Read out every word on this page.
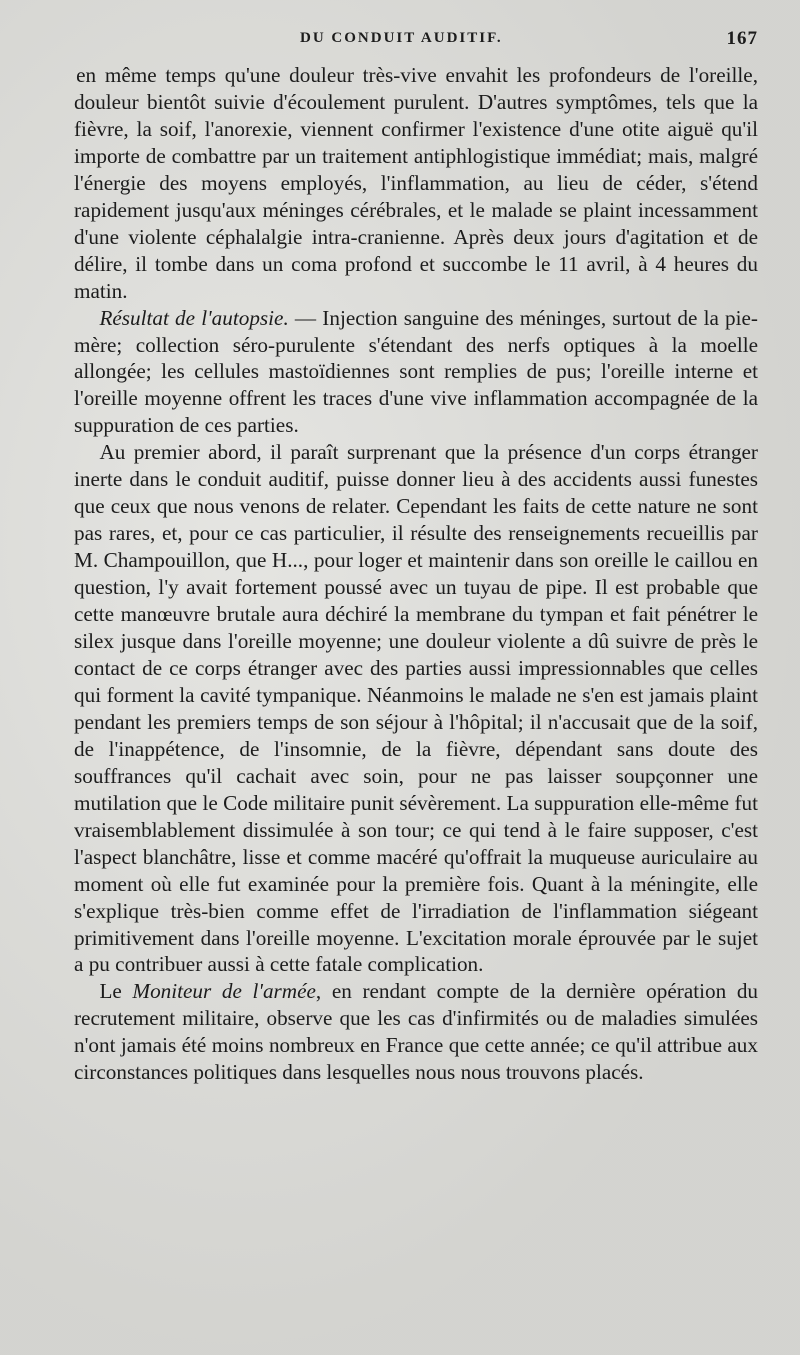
DU CONDUIT AUDITIF.	167

en même temps qu'une douleur très-vive envahit les profondeurs de l'oreille, douleur bientôt suivie d'écoulement purulent. D'autres symptômes, tels que la fièvre, la soif, l'anorexie, viennent confirmer l'existence d'une otite aiguë qu'il importe de combattre par un traitement antiphlogistique immédiat; mais, malgré l'énergie des moyens employés, l'inflammation, au lieu de céder, s'étend rapidement jusqu'aux méninges cérébrales, et le malade se plaint incessamment d'une violente céphalalgie intra-cranienne. Après deux jours d'agitation et de délire, il tombe dans un coma profond et succombe le 11 avril, à 4 heures du matin.

Résultat de l'autopsie. — Injection sanguine des méninges, surtout de la pie-mère; collection séro-purulente s'étendant des nerfs optiques à la moelle allongée; les cellules mastoïdiennes sont remplies de pus; l'oreille interne et l'oreille moyenne offrent les traces d'une vive inflammation accompagnée de la suppuration de ces parties.

Au premier abord, il paraît surprenant que la présence d'un corps étranger inerte dans le conduit auditif, puisse donner lieu à des accidents aussi funestes que ceux que nous venons de relater. Cependant les faits de cette nature ne sont pas rares, et, pour ce cas particulier, il résulte des renseignements recueillis par M. Champouillon, que H..., pour loger et maintenir dans son oreille le caillou en question, l'y avait fortement poussé avec un tuyau de pipe. Il est probable que cette manœuvre brutale aura déchiré la membrane du tympan et fait pénétrer le silex jusque dans l'oreille moyenne; une douleur violente a dû suivre de près le contact de ce corps étranger avec des parties aussi impressionnables que celles qui forment la cavité tympanique. Néanmoins le malade ne s'en est jamais plaint pendant les premiers temps de son séjour à l'hôpital; il n'accusait que de la soif, de l'inappétence, de l'insomnie, de la fièvre, dépendant sans doute des souffrances qu'il cachait avec soin, pour ne pas laisser soupçonner une mutilation que le Code militaire punit sévèrement. La suppuration elle-même fut vraisemblablement dissimulée à son tour; ce qui tend à le faire supposer, c'est l'aspect blanchâtre, lisse et comme macéré qu'offrait la muqueuse auriculaire au moment où elle fut examinée pour la première fois. Quant à la méningite, elle s'explique très-bien comme effet de l'irradiation de l'inflammation siégeant primitivement dans l'oreille moyenne. L'excitation morale éprouvée par le sujet a pu contribuer aussi à cette fatale complication.

Le Moniteur de l'armée, en rendant compte de la dernière opération du recrutement militaire, observe que les cas d'infirmités ou de maladies simulées n'ont jamais été moins nombreux en France que cette année; ce qu'il attribue aux circonstances politiques dans lesquelles nous nous trouvons placés.
